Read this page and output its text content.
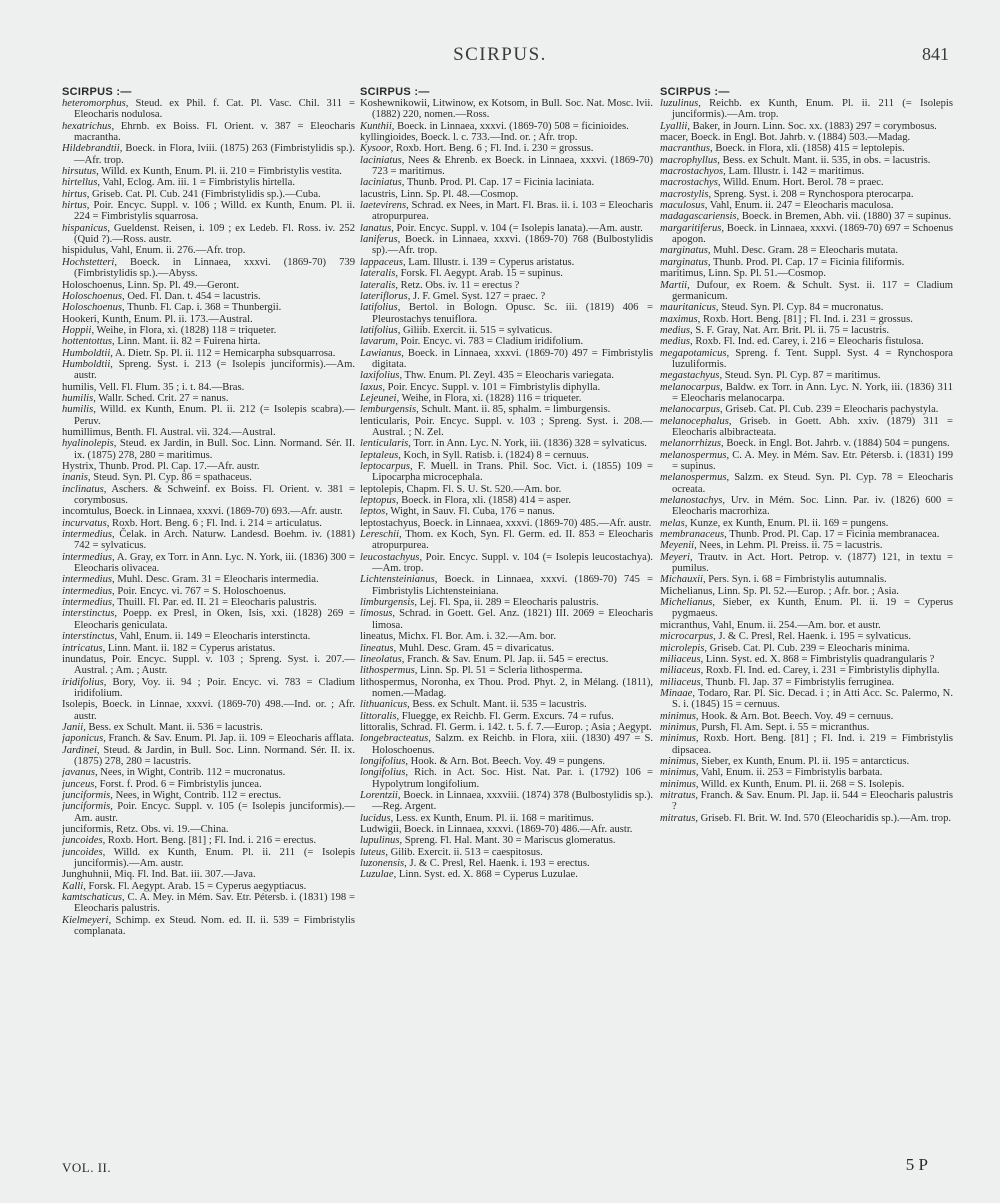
SCIRPUS.	841
SCIRPUS :—
heteromorphus, Steud. ex Phil. f. Cat. Pl. Vasc. Chil. 311 = Eleocharis nodulosa.
hexatrichus, Ehrnb. ex Boiss. Fl. Orient. v. 387 = Eleocharis macrantha.
Hildebrandtii, Boeck. in Flora, lviii. (1875) 263 (Fimbristylidis sp.).—Afr. trop.
hirsutus, Willd. ex Kunth, Enum. Pl. ii. 210 = Fimbristylis vestita.
hirtellus, Vahl, Eclog. Am. iii. 1 = Fimbristylis hirtella.
hirtus, Griseb. Cat. Pl. Cub. 241 (Fimbristylidis sp.).—Cuba.
hirtus, Poir. Encyc. Suppl. v. 106 ; Willd. ex Kunth, Enum. Pl. ii. 224 = Fimbristylis squarrosa.
hispanicus, Gueldenst. Reisen, i. 109 ; ex Ledeb. Fl. Ross. iv. 252 (Quid ?).—Ross. austr.
hispidulus, Vahl, Enum. ii. 276.—Afr. trop.
Hochstetteri, Boeck. in Linnaea, xxxvi. (1869-70) 739 (Fimbristylidis sp.).—Abyss.
Holoschoenus, Linn. Sp. Pl. 49.—Geront.
Holoschoenus, Oed. Fl. Dan. t. 454 = lacustris.
Holoschoenus, Thunb. Fl. Cap. i. 368 = Thunbergii.
Hookeri, Kunth, Enum. Pl. ii. 173.—Austral.
Hoppii, Weihe, in Flora, xi. (1828) 118 = triqueter.
hottentottus, Linn. Mant. ii. 82 = Fuirena hirta.
Humboldtii, A. Dietr. Sp. Pl. ii. 112 = Hemicarpha subsquarrosa.
Humboldtii, Spreng. Syst. i. 213 (= Isolepis junciformis).—Am. austr.
humilis, Vell. Fl. Flum. 35 ; i. t. 84.—Bras.
humilis, Wallr. Sched. Crit. 27 = nanus.
humilis, Willd. ex Kunth, Enum. Pl. ii. 212 (= Isolepis scabra).—Peruv.
humillimus, Benth. Fl. Austral. vii. 324.—Austral.
hyalinolepis, Steud. ex Jardin, in Bull. Soc. Linn. Normand. Sér. II. ix. (1875) 278, 280 = maritimus.
Hystrix, Thunb. Prod. Pl. Cap. 17.—Afr. austr.
inanis, Steud. Syn. Pl. Cyp. 86 = spathaceus.
inclinatus, Aschers. & Schweinf. ex Boiss. Fl. Orient. v. 381 = corymbosus.
incomtulus, Boeck. in Linnaea, xxxvi. (1869-70) 693.—Afr. austr.
incurvatus, Roxb. Hort. Beng. 6 ; Fl. Ind. i. 214 = articulatus.
intermedius, Čelak. in Arch. Naturw. Landesd. Boehm. iv. (1881) 742 = sylvaticus.
intermedius, A. Gray, ex Torr. in Ann. Lyc. N. York, iii. (1836) 300 = Eleocharis olivacea.
intermedius, Muhl. Desc. Gram. 31 = Eleocharis intermedia.
intermedius, Poir. Encyc. vi. 767 = S. Holoschoenus.
intermedius, Thuill. Fl. Par. ed. II. 21 = Eleocharis palustris.
interstinctus, Poepp. ex Presl, in Oken, Isis, xxi. (1828) 269 = Eleocharis geniculata.
interstinctus, Vahl, Enum. ii. 149 = Eleocharis interstincta.
intricatus, Linn. Mant. ii. 182 = Cyperus aristatus.
inundatus, Poir. Encyc. Suppl. v. 103 ; Spreng. Syst. i. 207.—Austral. ; Am. ; Austr.
iridifolius, Bory, Voy. ii. 94 ; Poir. Encyc. vi. 783 = Cladium iridifolium.
Isolepis, Boeck. in Linnae, xxxvi. (1869-70) 498.—Ind. or. ; Afr. austr.
Janii, Bess. ex Schult. Mant. ii. 536 = lacustris.
japonicus, Franch. & Sav. Enum. Pl. Jap. ii. 109 = Eleocharis afflata.
Jardinei, Steud. & Jardin, in Bull. Soc. Linn. Normand. Sér. II. ix. (1875) 278, 280 = lacustris.
javanus, Nees, in Wight, Contrib. 112 = mucronatus.
junceus, Forst. f. Prod. 6 = Fimbristylis juncea.
junciformis, Nees, in Wight, Contrib. 112 = erectus.
junciformis, Poir. Encyc. Suppl. v. 105 (= Isolepis junciformis).—Am. austr.
junciformis, Retz. Obs. vi. 19.—China.
juncoides, Roxb. Hort. Beng. [81] ; Fl. Ind. i. 216 = erectus.
juncoides, Willd. ex Kunth, Enum. Pl. ii. 211 (= Isolepis junciformis).—Am. austr.
Junghuhnii, Miq. Fl. Ind. Bat. iii. 307.—Java.
Kalli, Forsk. Fl. Aegypt. Arab. 15 = Cyperus aegyptiacus.
kamtschaticus, C. A. Mey. in Mém. Sav. Etr. Pétersb. i. (1831) 198 = Eleocharis palustris.
Kielmeyeri, Schimp. ex Steud. Nom. ed. II. ii. 539 = Fimbristylis complanata.
SCIRPUS :—
Koshewnikowii, Litwinow, ex Kotsom, in Bull. Soc. Nat. Mosc. lvii. (1882) 220, nomen.—Ross.
Kunthii, Boeck. in Linnaea, xxxvi. (1869-70) 508 = ficinioides.
kyllingioides, Boeck. l. c. 733.—Ind. or. ; Afr. trop.
Kysoor, Roxb. Hort. Beng. 6 ; Fl. Ind. i. 230 = grossus.
laciniatus, Nees & Ehrenb. ex Boeck. in Linnaea, xxxvi. (1869-70) 723 = maritimus.
laciniatus, Thunb. Prod. Pl. Cap. 17 = Ficinia laciniata.
lacustris, Linn. Sp. Pl. 48.—Cosmop.
laetevirens, Schrad. ex Nees, in Mart. Fl. Bras. ii. i. 103 = Eleocharis atropurpurea.
lanatus, Poir. Encyc. Suppl. v. 104 (= Isolepis lanata).—Am. austr.
laniferus, Boeck. in Linnaea, xxxvi. (1869-70) 768 (Bulbostylidis sp).—Afr. trop.
lappaceus, Lam. Illustr. i. 139 = Cyperus aristatus.
lateralis, Forsk. Fl. Aegypt. Arab. 15 = supinus.
lateralis, Retz. Obs. iv. 11 = erectus ?
lateriflorus, J. F. Gmel. Syst. 127 = praec. ?
latifolius, Bertol. in Bologn. Opusc. Sc. iii. (1819) 406 = Pleurostachys tenuiflora.
latifolius, Giliib. Exercit. ii. 515 = sylvaticus.
lavarum, Poir. Encyc. vi. 783 = Cladium iridifolium.
Lawianus, Boeck. in Linnaea, xxxvi. (1869-70) 497 = Fimbristylis digitata.
laxifolius, Thw. Enum. Pl. Zeyl. 435 = Eleocharis variegata.
laxus, Poir. Encyc. Suppl. v. 101 = Fimbristylis diphylla.
Lejeunei, Weihe, in Flora, xi. (1828) 116 = triqueter.
lemburgensis, Schult. Mant. ii. 85, sphalm. = limburgensis.
lenticularis, Poir. Encyc. Suppl. v. 103 ; Spreng. Syst. i. 208.—Austral. ; N. Zel.
lenticularis, Torr. in Ann. Lyc. N. York, iii. (1836) 328 = sylvaticus.
leptaleus, Koch, in Syll. Ratisb. i. (1824) 8 = cernuus.
leptocarpus, F. Muell. in Trans. Phil. Soc. Vict. i. (1855) 109 = Lipocarpha microcephala.
leptolepis, Chapm. Fl. S. U. St. 520.—Am. bor.
leptopus, Boeck. in Flora, xli. (1858) 414 = asper.
leptos, Wight, in Sauv. Fl. Cuba, 176 = nanus.
leptostachyus, Boeck. in Linnaea, xxxvi. (1869-70) 485.—Afr. austr.
Lereschii, Thom. ex Koch, Syn. Fl. Germ. ed. II. 853 = Eleocharis atropurpurea.
leucostachyus, Poir. Encyc. Suppl. v. 104 (= Isolepis leucostachya).—Am. trop.
Lichtensteinianus, Boeck. in Linnaea, xxxvi. (1869-70) 745 = Fimbristylis Lichtensteiniana.
limburgensis, Lej. Fl. Spa, ii. 289 = Eleocharis palustris.
limosus, Schrad. in Goett. Gel. Anz. (1821) III. 2069 = Eleocharis limosa.
lineatus, Michx. Fl. Bor. Am. i. 32.—Am. bor.
lineatus, Muhl. Desc. Gram. 45 = divaricatus.
lineolatus, Franch. & Sav. Enum. Pl. Jap. ii. 545 = erectus.
lithospermus, Linn. Sp. Pl. 51 = Scleria lithosperma.
lithospermus, Noronha, ex Thou. Prod. Phyt. 2, in Mélang. (1811), nomen.—Madag.
lithuanicus, Bess. ex Schult. Mant. ii. 535 = lacustris.
littoralis, Fluegge, ex Reichb. Fl. Germ. Excurs. 74 = rufus.
littoralis, Schrad. Fl. Germ. i. 142. t. 5. f. 7.—Europ. ; Asia ; Aegypt.
longebracteatus, Salzm. ex Reichb. in Flora, xiii. (1830) 497 = S. Holoschoenus.
longifolius, Hook. & Arn. Bot. Beech. Voy. 49 = pungens.
longifolius, Rich. in Act. Soc. Hist. Nat. Par. i. (1792) 106 = Hypolytrum longifolium.
Lorentzii, Boeck. in Linnaea, xxxviii. (1874) 378 (Bulbostylidis sp.).—Reg. Argent.
lucidus, Less. ex Kunth, Enum. Pl. ii. 168 = maritimus.
Ludwigii, Boeck. in Linnaea, xxxvi. (1869-70) 486.—Afr. austr.
lupulinus, Spreng. Fl. Hal. Mant. 30 = Mariscus glomeratus.
luteus, Gilib. Exercit. ii. 513 = caespitosus.
luzonensis, J. & C. Presl, Rel. Haenk. i. 193 = erectus.
Luzulae, Linn. Syst. ed. X. 868 = Cyperus Luzulae.
SCIRPUS :—
luzulinus, Reichb. ex Kunth, Enum. Pl. ii. 211 (= Isolepis junciformis).—Am. trop.
Lyallii, Baker, in Journ. Linn. Soc. xx. (1883) 297 = corymbosus.
macer, Boeck. in Engl. Bot. Jahrb. v. (1884) 503.—Madag.
macranthus, Boeck. in Flora, xli. (1858) 415 = leptolepis.
macrophyllus, Bess. ex Schult. Mant. ii. 535, in obs. = lacustris.
macrostachyos, Lam. Illustr. i. 142 = maritimus.
macrostachys, Willd. Enum. Hort. Berol. 78 = praec.
macrostylis, Spreng. Syst. i. 208 = Rynchospora pterocarpa.
maculosus, Vahl, Enum. ii. 247 = Eleocharis maculosa.
madagascariensis, Boeck. in Bremen, Abh. vii. (1880) 37 = supinus.
margaritiferus, Boeck. in Linnaea, xxxvi. (1869-70) 697 = Schoenus apogon.
marginatus, Muhl. Desc. Gram. 28 = Eleocharis mutata.
marginatus, Thunb. Prod. Pl. Cap. 17 = Ficinia filiformis.
maritimus, Linn. Sp. Pl. 51.—Cosmop.
Martii, Dufour, ex Roem. & Schult. Syst. ii. 117 = Cladium germanicum.
mauritanicus, Steud. Syn. Pl. Cyp. 84 = mucronatus.
maximus, Roxb. Hort. Beng. [81] ; Fl. Ind. i. 231 = grossus.
medius, S. F. Gray, Nat. Arr. Brit. Pl. ii. 75 = lacustris.
medius, Roxb. Fl. Ind. ed. Carey, i. 216 = Eleocharis fistulosa.
megapotamicus, Spreng. f. Tent. Suppl. Syst. 4 = Rynchospora luzuliformis.
megastachyus, Steud. Syn. Pl. Cyp. 87 = maritimus.
melanocarpus, Baldw. ex Torr. in Ann. Lyc. N. York, iii. (1836) 311 = Eleocharis melanocarpa.
melanocarpus, Griseb. Cat. Pl. Cub. 239 = Eleocharis pachystyla.
melanocephalus, Griseb. in Goett. Abh. xxiv. (1879) 311 = Eleocharis albibracteata.
melanorrhizus, Boeck. in Engl. Bot. Jahrb. v. (1884) 504 = pungens.
melanospermus, C. A. Mey. in Mém. Sav. Etr. Pétersb. i. (1831) 199 = supinus.
melanospermus, Salzm. ex Steud. Syn. Pl. Cyp. 78 = Eleocharis ocreata.
melanostachys, Urv. in Mém. Soc. Linn. Par. iv. (1826) 600 = Eleocharis macrorhiza.
melas, Kunze, ex Kunth, Enum. Pl. ii. 169 = pungens.
membranaceus, Thunb. Prod. Pl. Cap. 17 = Ficinia membranacea.
Meyenii, Nees, in Lehm. Pl. Preiss. ii. 75 = lacustris.
Meyeri, Trautv. in Act. Hort. Petrop. v. (1877) 121, in textu = pumilus.
Michauxii, Pers. Syn. i. 68 = Fimbristylis autumnalis.
Michelianus, Linn. Sp. Pl. 52.—Europ. ; Afr. bor. ; Asia.
Michelianus, Sieber, ex Kunth, Enum. Pl. ii. 19 = Cyperus pygmaeus.
micranthus, Vahl, Enum. ii. 254.—Am. bor. et austr.
microcarpus, J. & C. Presl, Rel. Haenk. i. 195 = sylvaticus.
microlepis, Griseb. Cat. Pl. Cub. 239 = Eleocharis minima.
miliaceus, Linn. Syst. ed. X. 868 = Fimbristylis quadrangularis ?
miliaceus, Roxb. Fl. Ind. ed. Carey, i. 231 = Fimbristylis diphylla.
miliaceus, Thunb. Fl. Jap. 37 = Fimbristylis ferruginea.
Minaae, Todaro, Rar. Pl. Sic. Decad. i ; in Atti Acc. Sc. Palermo, N. S. i. (1845) 15 = cernuus.
minimus, Hook. & Arn. Bot. Beech. Voy. 49 = cernuus.
minimus, Pursh, Fl. Am. Sept. i. 55 = micranthus.
minimus, Roxb. Hort. Beng. [81] ; Fl. Ind. i. 219 = Fimbristylis dipsacea.
minimus, Sieber, ex Kunth, Enum. Pl. ii. 195 = antarcticus.
minimus, Vahl, Enum. ii. 253 = Fimbristylis barbata.
minimus, Willd. ex Kunth, Enum. Pl. ii. 268 = S. Isolepis.
mitratus, Franch. & Sav. Enum. Pl. Jap. ii. 544 = Eleocharis palustris ?
mitratus, Griseb. Fl. Brit. W. Ind. 570 (Eleocharidis sp.).—Am. trop.
VOL. II.	5 P
